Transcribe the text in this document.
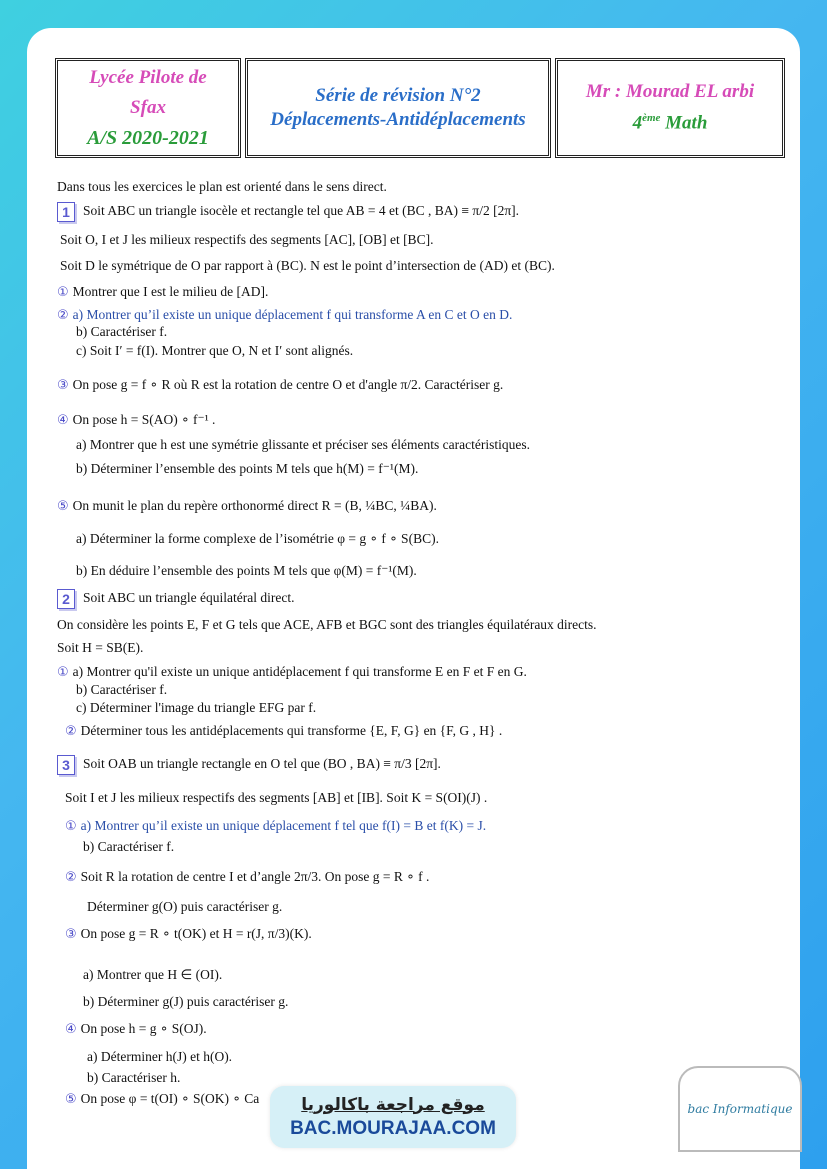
Lycée Pilote de
Sfax
A/S 2020-2021
Série de révision N°2
Déplacements-Antidéplacements
Mr : Mourad EL arbi
4ème Math
Dans tous les exercices le plan est orienté dans le sens direct.
1 Soit ABC un triangle isocèle et rectangle tel que AB = 4 et (BC , BA) ≡ π/2 [2π].
Soit O, I et J les milieux respectifs des segments [AC], [OB] et [BC].
Soit D le symétrique de O par rapport à (BC). N est le point d’intersection de (AD) et (BC).
① Montrer que I est le milieu de [AD].
② a) Montrer qu’il existe un unique déplacement f qui transforme A en C et O en D.
b) Caractériser f.
c) Soit I′ = f(I). Montrer que O, N et I′ sont alignés.
③ On pose g = f ∘ R où R est la rotation de centre O et d'angle π/2. Caractériser g.
④ On pose h = S(AO) ∘ f⁻¹ .
a) Montrer que h est une symétrie glissante et préciser ses éléments caractéristiques.
b) Déterminer l’ensemble des points M tels que h(M) = f⁻¹(M).
⑤ On munit le plan du repère orthonormé direct R = (B, ¼BC, ¼BA).
a) Déterminer la forme complexe de l’isométrie φ = g ∘ f ∘ S(BC).
b) En déduire l’ensemble des points M tels que φ(M) = f⁻¹(M).
2 Soit ABC un triangle équilatéral direct.
On considère les points E, F et G tels que ACE, AFB et BGC sont des triangles équilatéraux directs.
Soit H = SB(E).
① a) Montrer qu'il existe un unique antidéplacement f qui transforme E en F et F en G.
b) Caractériser f.
c) Déterminer l'image du triangle EFG par f.
② Déterminer tous les antidéplacements qui transforme {E, F, G} en {F, G , H} .
3 Soit OAB un triangle rectangle en O tel que (BO , BA) ≡ π/3 [2π].
Soit I et J les milieux respectifs des segments [AB] et [IB]. Soit K = S(OI)(J) .
① a) Montrer qu’il existe un unique déplacement f tel que f(I) = B et f(K) = J.
b) Caractériser f.
② Soit R la rotation de centre I et d’angle 2π/3. On pose g = R ∘ f .
Déterminer g(O) puis caractériser g.
③ On pose g = R ∘ t(OK) et H = r(J, π/3)(K).
a) Montrer que H ∈ (OI).
b) Déterminer g(J) puis caractériser g.
④ On pose h = g ∘ S(OJ).
a) Déterminer h(J) et h(O).
b) Caractériser h.
⑤ On pose φ = t(OI) ∘ S(OK) ∘ Ca موقع مراجعة باكالوريا
BAC.MOURAJAA.COM
bac Informatique
